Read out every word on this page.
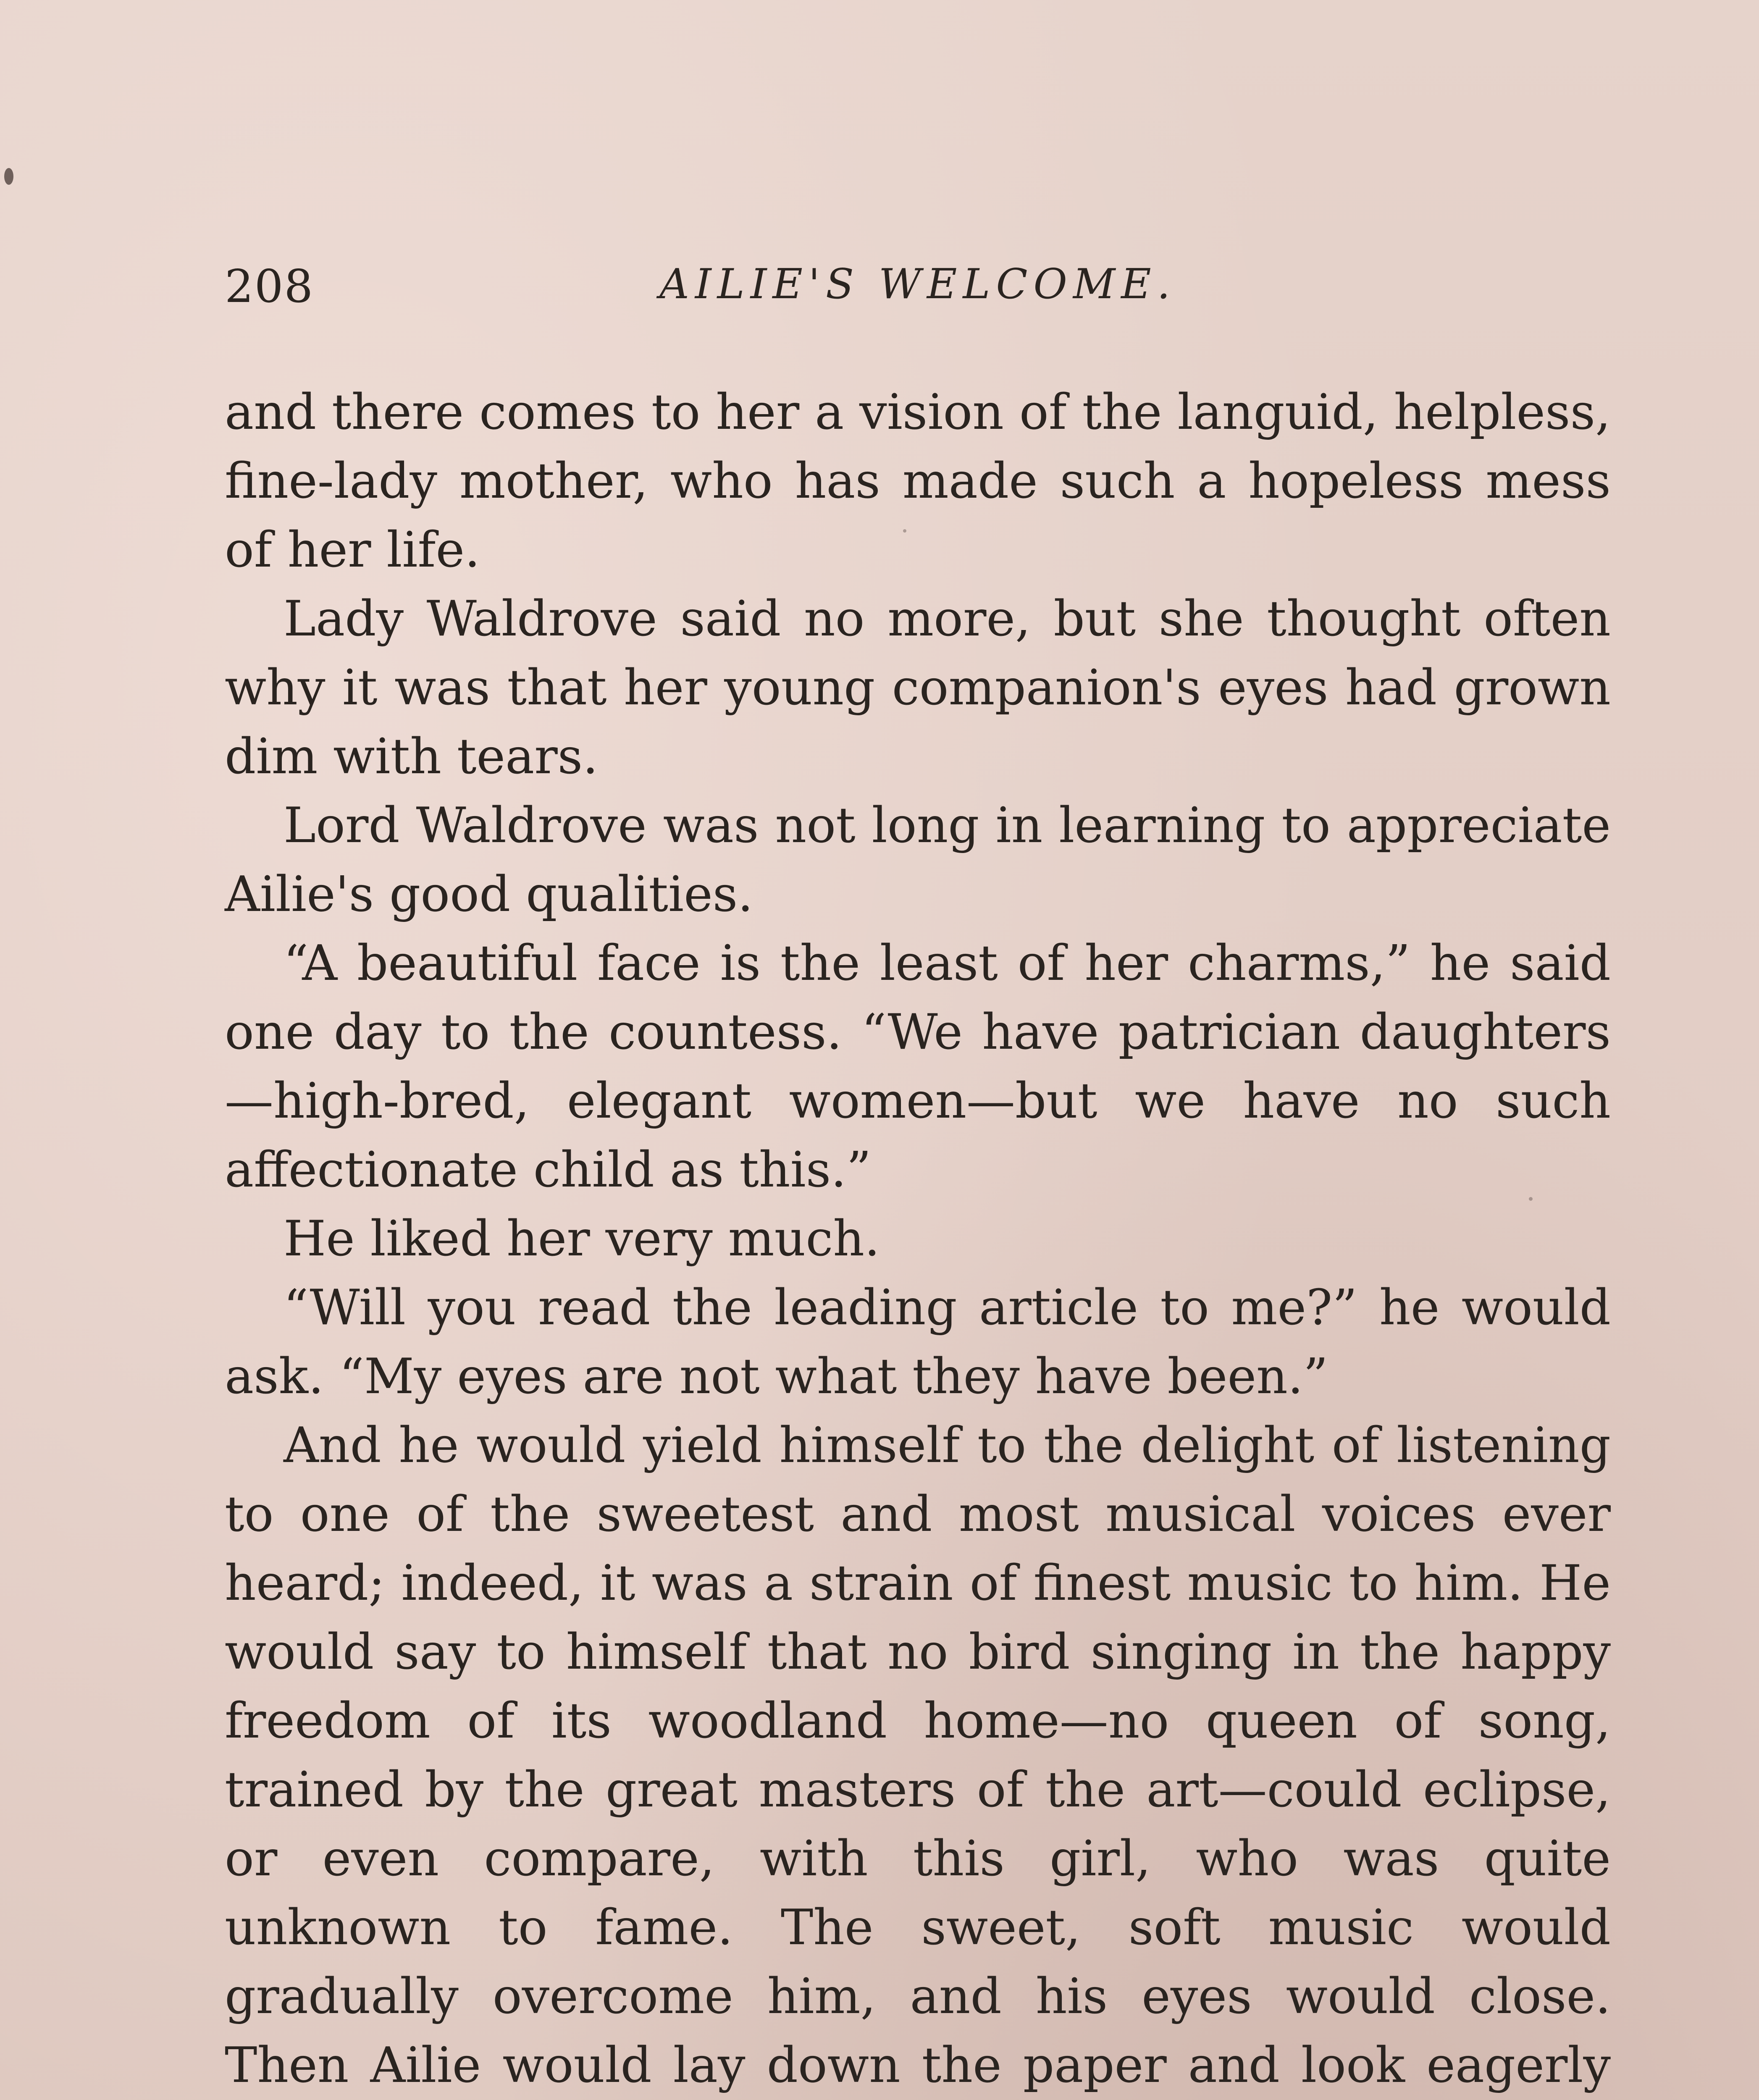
208	AILIE'S WELCOME.

and there comes to her a vision of the languid, helpless, fine-lady mother, who has made such a hopeless mess of her life.

Lady Waldrove said no more, but she thought often why it was that her young companion's eyes had grown dim with tears.

Lord Waldrove was not long in learning to appreciate Ailie's good qualities.

“A beautiful face is the least of her charms,” he said one day to the countess. “We have patrician daughters—high-bred, elegant women—but we have no such affectionate child as this.”

He liked her very much.

“Will you read the leading article to me?” he would ask. “My eyes are not what they have been.”

And he would yield himself to the delight of listening to one of the sweetest and most musical voices ever heard; indeed, it was a strain of finest music to him. He would say to himself that no bird singing in the happy freedom of its woodland home—no queen of song, trained by the great masters of the art—could eclipse, or even compare, with this girl, who was quite unknown to fame. The sweet, soft music would gradually overcome him, and his eyes would close. Then Ailie would lay down the paper and look eagerly
